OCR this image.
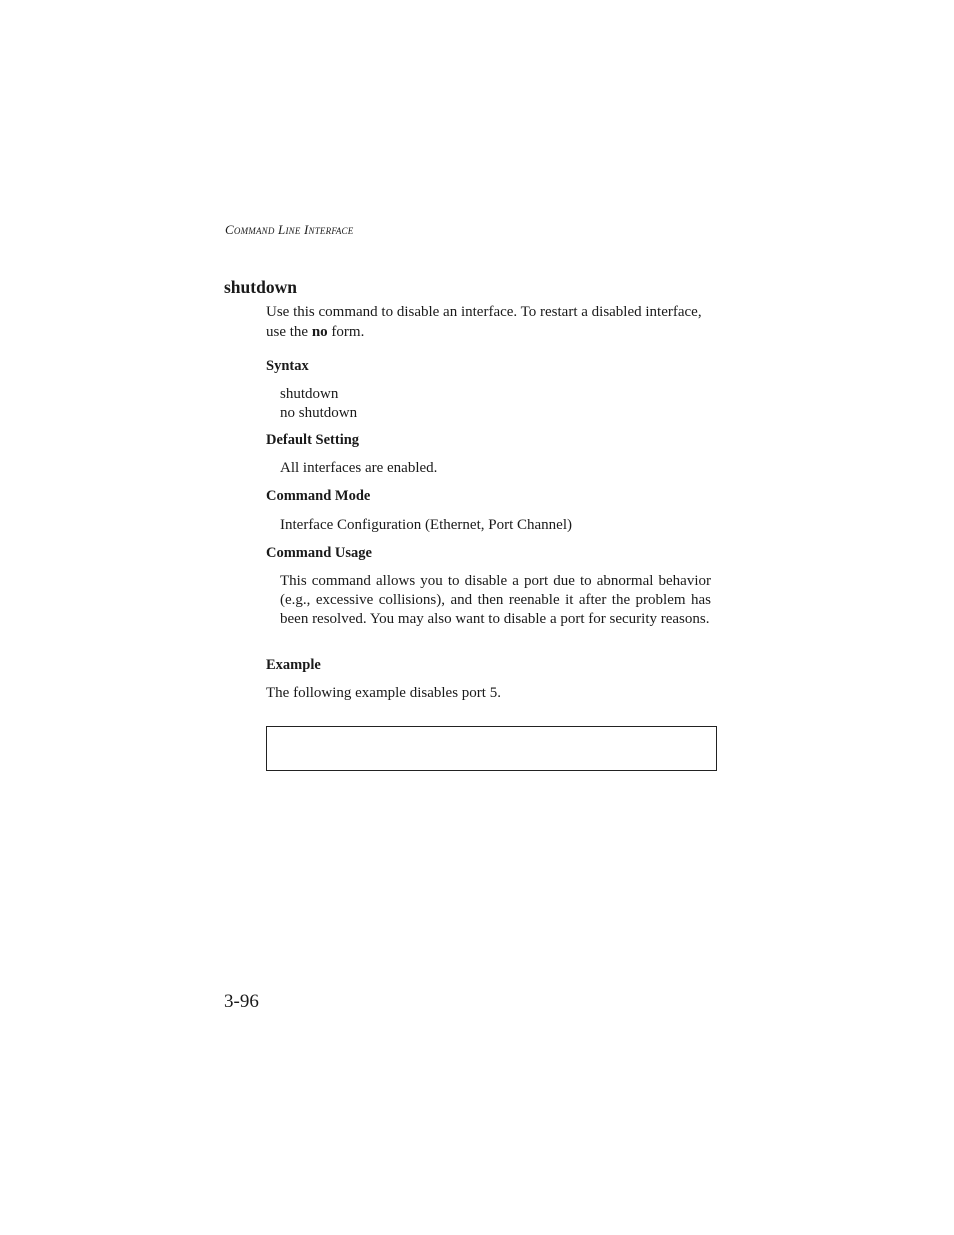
Command Line Interface
shutdown
Use this command to disable an interface. To restart a disabled interface, use the no form.
Syntax
shutdown
no shutdown
Default Setting
All interfaces are enabled.
Command Mode
Interface Configuration (Ethernet, Port Channel)
Command Usage
This command allows you to disable a port due to abnormal behavior (e.g., excessive collisions), and then reenable it after the problem has been resolved. You may also want to disable a port for security reasons.
Example
The following example disables port 5.
3-96
